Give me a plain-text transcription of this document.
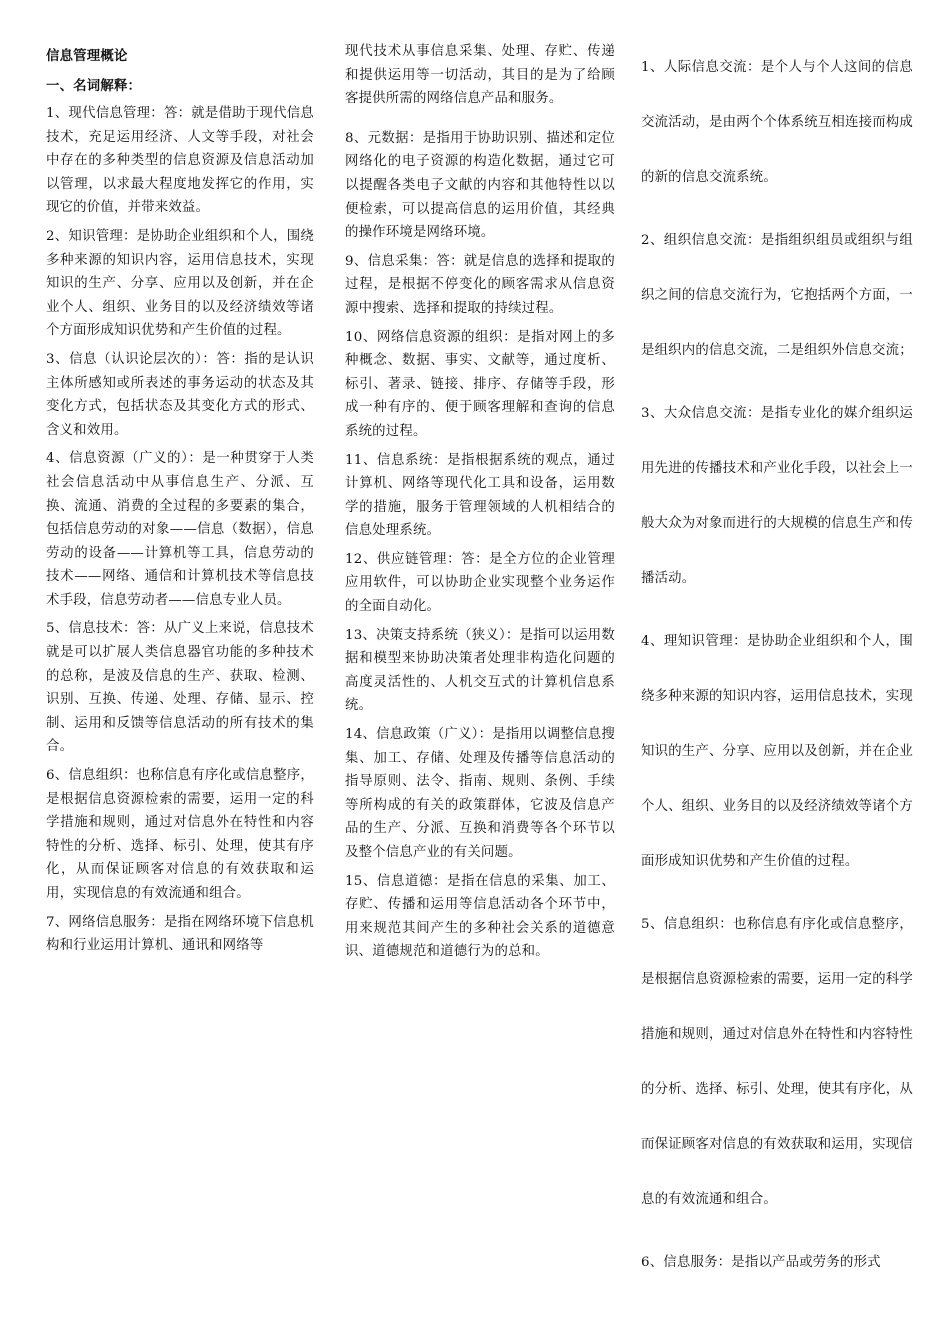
信息管理概论

一、名词解释：

1、现代信息管理：答：就是借助于现代信息技术，充足运用经济、人文等手段，对社会中存在的多种类型的信息资源及信息活动加以管理，以求最大程度地发挥它的作用，实现它的价值，并带来效益。

2、知识管理：是协助企业组织和个人，围绕多种来源的知识内容，运用信息技术，实现知识的生产、分享、应用以及创新，并在企业个人、组织、业务目的以及经济绩效等诸个方面形成知识优势和产生价值的过程。

3、信息（认识论层次的）：答：指的是认识主体所感知或所表述的事务运动的状态及其变化方式，包括状态及其变化方式的形式、含义和效用。

4、信息资源（广义的）：是一种贯穿于人类社会信息活动中从事信息生产、分派、互换、流通、消费的全过程的多要素的集合，包括信息劳动的对象——信息（数据），信息劳动的设备——计算机等工具，信息劳动的技术——网络、通信和计算机技术等信息技术手段，信息劳动者——信息专业人员。

5、信息技术：答：从广义上来说，信息技术就是可以扩展人类信息器官功能的多种技术的总称，是波及信息的生产、获取、检测、识别、互换、传递、处理、存储、显示、控制、运用和反馈等信息活动的所有技术的集合。

6、信息组织：也称信息有序化或信息整序，是根据信息资源检索的需要，运用一定的科学措施和规则，通过对信息外在特性和内容特性的分析、选择、标引、处理，使其有序化，从而保证顾客对信息的有效获取和运用，实现信息的有效流通和组合。

7、网络信息服务：是指在网络环境下信息机构和行业运用计算机、通讯和网络等

现代技术从事信息采集、处理、存贮、传递和提供运用等一切活动，其目的是为了给顾客提供所需的网络信息产品和服务。

8、元数据：是指用于协助识别、描述和定位网络化的电子资源的构造化数据，通过它可以提醒各类电子文献的内容和其他特性以以便检索，可以提高信息的运用价值，其经典的操作环境是网络环境。

9、信息采集：答：就是信息的选择和提取的过程，是根据不停变化的顾客需求从信息资源中搜索、选择和提取的持续过程。

10、网络信息资源的组织：是指对网上的多种概念、数据、事实、文献等，通过度析、标引、著录、链接、排序、存储等手段，形成一种有序的、便于顾客理解和查询的信息系统的过程。

11、信息系统：是指根据系统的观点，通过计算机、网络等现代化工具和设备，运用数学的措施，服务于管理领域的人机相结合的信息处理系统。

12、供应链管理：答：是全方位的企业管理应用软件，可以协助企业实现整个业务运作的全面自动化。

13、决策支持系统（狭义）：是指可以运用数据和模型来协助决策者处理非构造化问题的高度灵活性的、人机交互式的计算机信息系统。

14、信息政策（广义）：是指用以调整信息搜集、加工、存储、处理及传播等信息活动的指导原则、法令、指南、规则、条例、手续等所构成的有关的政策群体，它波及信息产品的生产、分派、互换和消费等各个环节以及整个信息产业的有关问题。

15、信息道德：是指在信息的采集、加工、存贮、传播和运用等信息活动各个环节中，用来规范其间产生的多种社会关系的道德意识、道德规范和道德行为的总和。

1、人际信息交流：是个人与个人这间的信息交流活动，是由两个个体系统互相连接而构成的新的信息交流系统。

2、组织信息交流：是指组织组员或组织与组织之间的信息交流行为，它抱括两个方面，一是组织内的信息交流，二是组织外信息交流；

3、大众信息交流：是指专业化的媒介组织运用先进的传播技术和产业化手段，以社会上一般大众为对象而进行的大规模的信息生产和传播活动。

4、理知识管理：是协助企业组织和个人，围绕多种来源的知识内容，运用信息技术，实现知识的生产、分享、应用以及创新，并在企业个人、组织、业务目的以及经济绩效等诸个方面形成知识优势和产生价值的过程。

5、信息组织：也称信息有序化或信息整序，是根据信息资源检索的需要，运用一定的科学措施和规则，通过对信息外在特性和内容特性的分析、选择、标引、处理，使其有序化，从而保证顾客对信息的有效获取和运用，实现信息的有效流通和组合。

6、信息服务：是指以产品或劳务的形式
